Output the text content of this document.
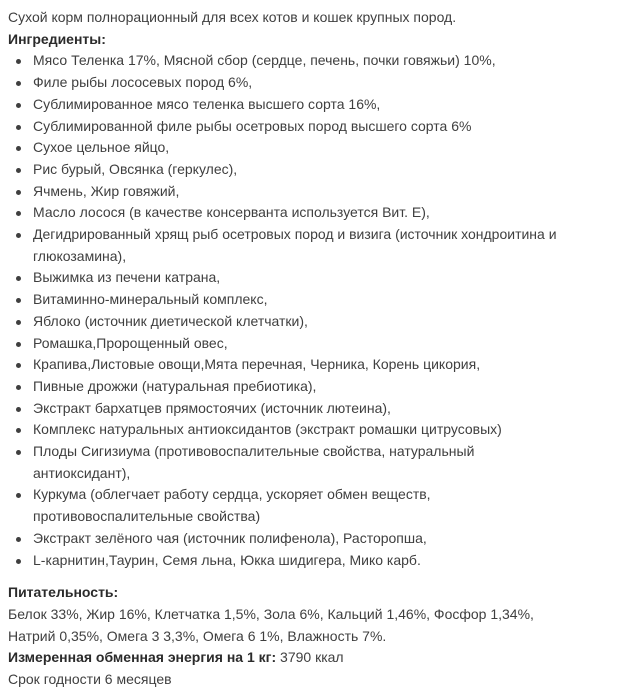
Сухой корм полнорационный для всех котов и кошек крупных пород.

Ингредиенты:

Мясо Теленка 17%, Мясной сбор (сердце, печень, почки говяжьи) 10%,
Филе рыбы лососевых пород 6%,
Сублимированное мясо теленка высшего сорта 16%,
Сублимированной филе рыбы осетровых пород высшего сорта 6%
Сухое цельное яйцо,
Рис бурый, Овсянка (геркулес),
Ячмень, Жир говяжий,
Масло лосося (в качестве консерванта используется Вит. Е),
Дегидрированный хрящ рыб осетровых пород и визига (источник хондроитина и глюкозамина),
Выжимка из печени катрана,
Витаминно-минеральный комплекс,
Яблоко (источник диетической клетчатки),
Ромашка,Пророщенный овес,
Крапива,Листовые овощи,Мята перечная, Черника, Корень цикория,
Пивные дрожжи (натуральная пребиотика),
Экстракт бархатцев прямостоячих (источник лютеина),
Комплекс натуральных антиоксидантов (экстракт ромашки цитрусовых)
Плоды Сигизиума (противовоспалительные свойства, натуральный антиоксидант),
Куркума (облегчает работу сердца, ускоряет обмен веществ, противовоспалительные свойства)
Экстракт зелёного чая (источник полифенола), Расторопша,
L-карнитин,Таурин, Семя льна, Юкка шидигера, Мико карб.

Питательность:

Белок 33%, Жир 16%, Клетчатка 1,5%, Зола 6%, Кальций 1,46%, Фосфор 1,34%, Натрий 0,35%, Омега 3 3,3%, Омега 6 1%, Влажность 7%.

Измеренная обменная энергия на 1 кг: 3790 ккал

Срок годности 6 месяцев
